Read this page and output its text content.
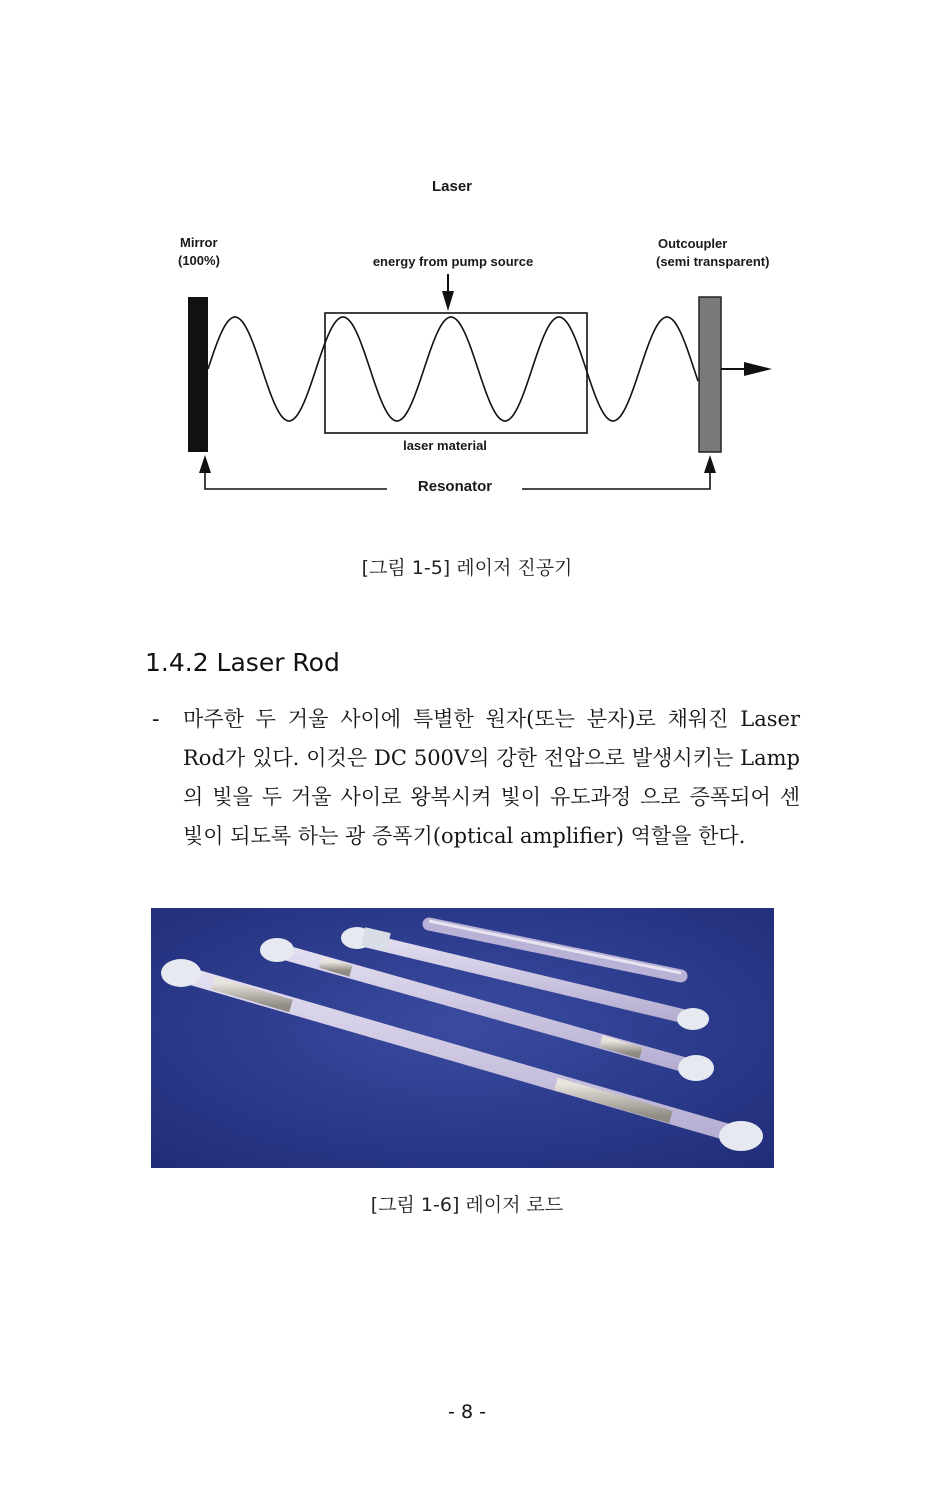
Laser
Mirror
(100%)
Outcoupler
(semi transparent)
energy from pump source
laser material
Resonator
[그림 1-5] 레이저 진공기
1.4.2 Laser Rod
- 마주한 두 거울 사이에 특별한 원자(또는 분자)로 채워진 Laser Rod가 있다. 이것은 DC 500V의 강한 전압으로 발생시키는 Lamp의 빛을 두 거울 사이로 왕복시켜 빛이 유도과정 으로 증폭되어 센 빛이 되도록 하는 광 증폭기(optical amplifier) 역할을 한다.

[그림 1-6] 레이저 로드
- 8 -
